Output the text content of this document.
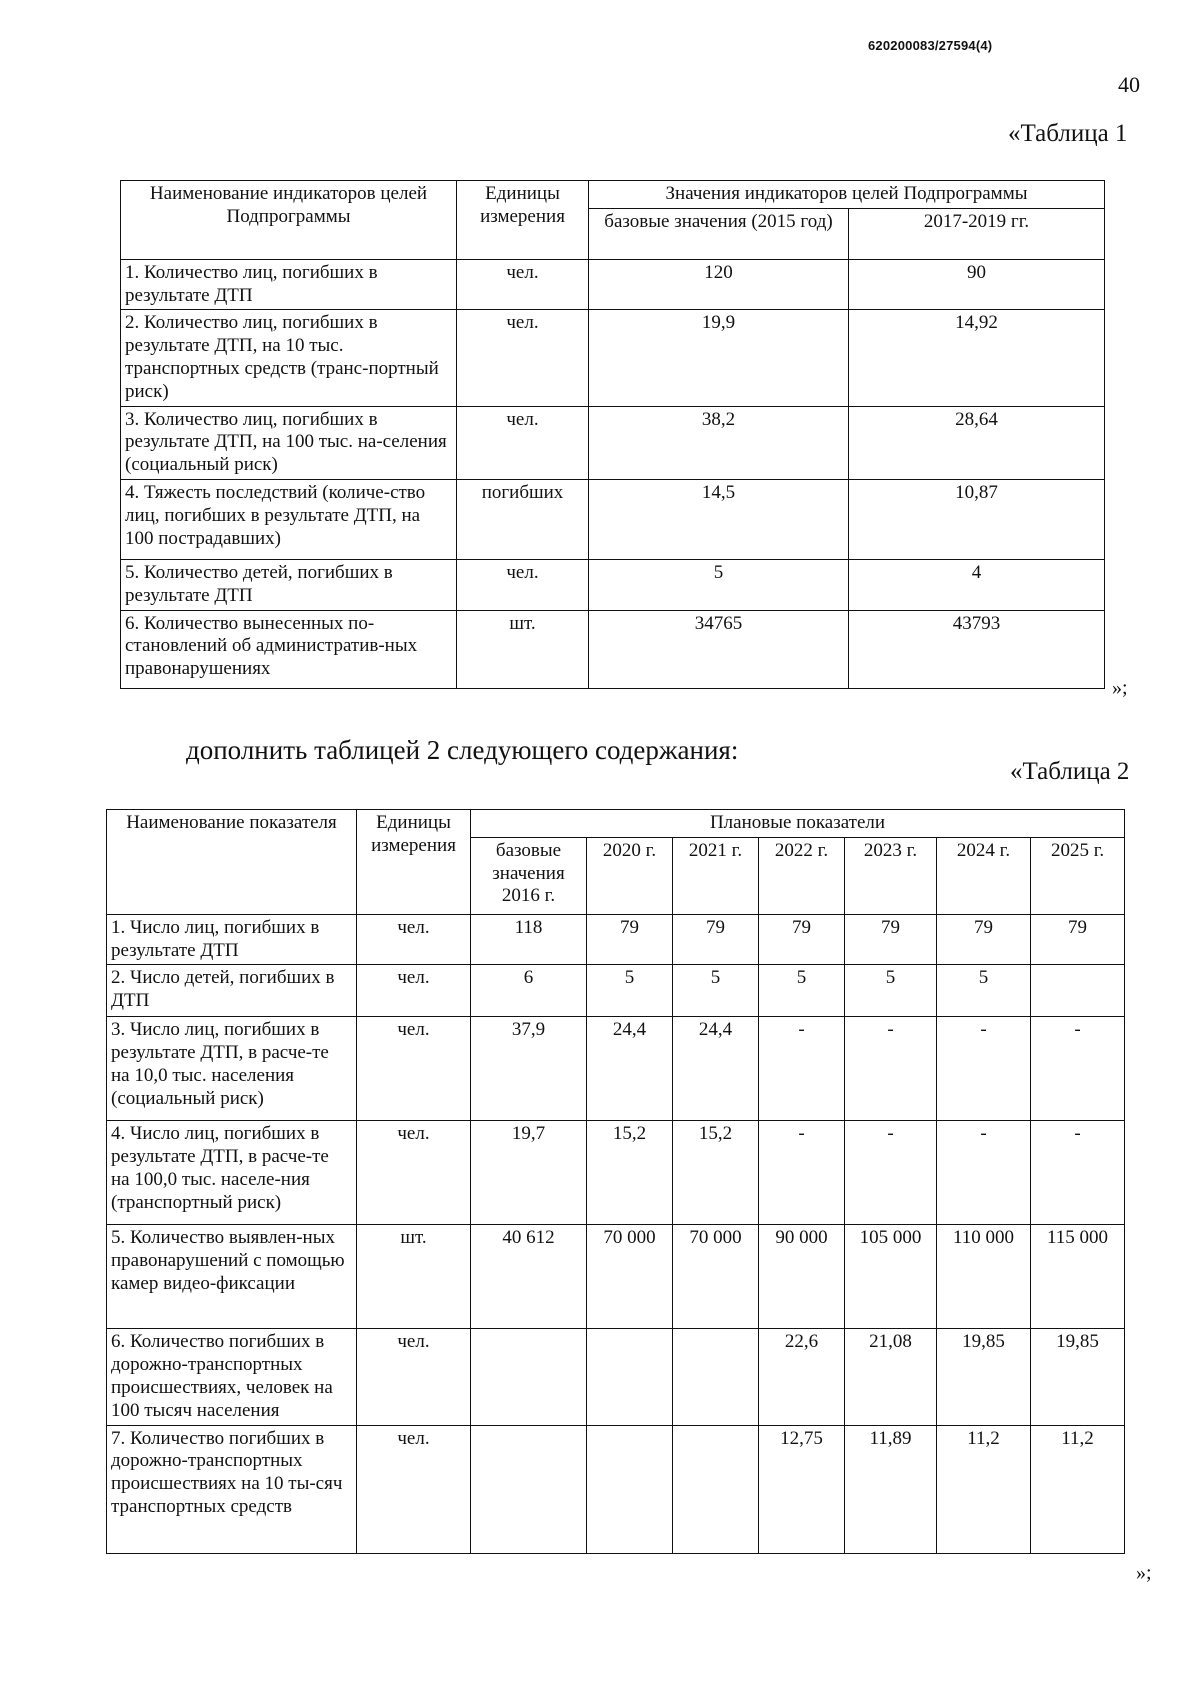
620200083/27594(4)
40
«Таблица 1
Наименование индикаторов целей Подпрограммы	Единицы измерения	Значения индикаторов целей Подпрограммы	
		базовые значения (2015 год)	2017-2019 гг.
1. Количество лиц, погибших в результате ДТП	чел.	120	90
2. Количество лиц, погибших в результате ДТП, на 10 тыс. транспортных средств (транс-портный риск)	чел.	19,9	14,92
3. Количество лиц, погибших в результате ДТП, на 100 тыс. на-селения (социальный риск)	чел.	38,2	28,64
4. Тяжесть последствий (количе-ство лиц, погибших в результате ДТП, на 100 пострадавших)	погибших	14,5	10,87
5. Количество детей, погибших в результате ДТП	чел.	5	4
6. Количество вынесенных по-становлений об административ-ных правонарушениях	шт.	34765	43793
»;
дополнить таблицей 2 следующего содержания:
«Таблица 2
Наименование показателя	Единицы измерения	Плановые показатели						
		базовые значения 2016 г.	2020 г.	2021 г.	2022 г.	2023 г.	2024 г.	2025 г.
1. Число лиц, погибших в результате ДТП	чел.	118	79	79	79	79	79	79
2. Число детей, погибших в ДТП	чел.	6	5	5	5	5	5	
3. Число лиц, погибших в результате ДТП, в расче-те на 10,0 тыс. населения (социальный риск)	чел.	37,9	24,4	24,4	-	-	-	-
4. Число лиц, погибших в результате ДТП, в расче-те на 100,0 тыс. населе-ния (транспортный риск)	чел.	19,7	15,2	15,2	-	-	-	-
5. Количество выявлен-ных правонарушений с помощью камер видео-фиксации	шт.	40 612	70 000	70 000	90 000	105 000	110 000	115 000
6. Количество погибших в дорожно-транспортных происшествиях, человек на 100 тысяч населения	чел.				22,6	21,08	19,85	19,85
7. Количество погибших в дорожно-транспортных происшествиях на 10 ты-сяч транспортных средств	чел.				12,75	11,89	11,2	11,2
»;
